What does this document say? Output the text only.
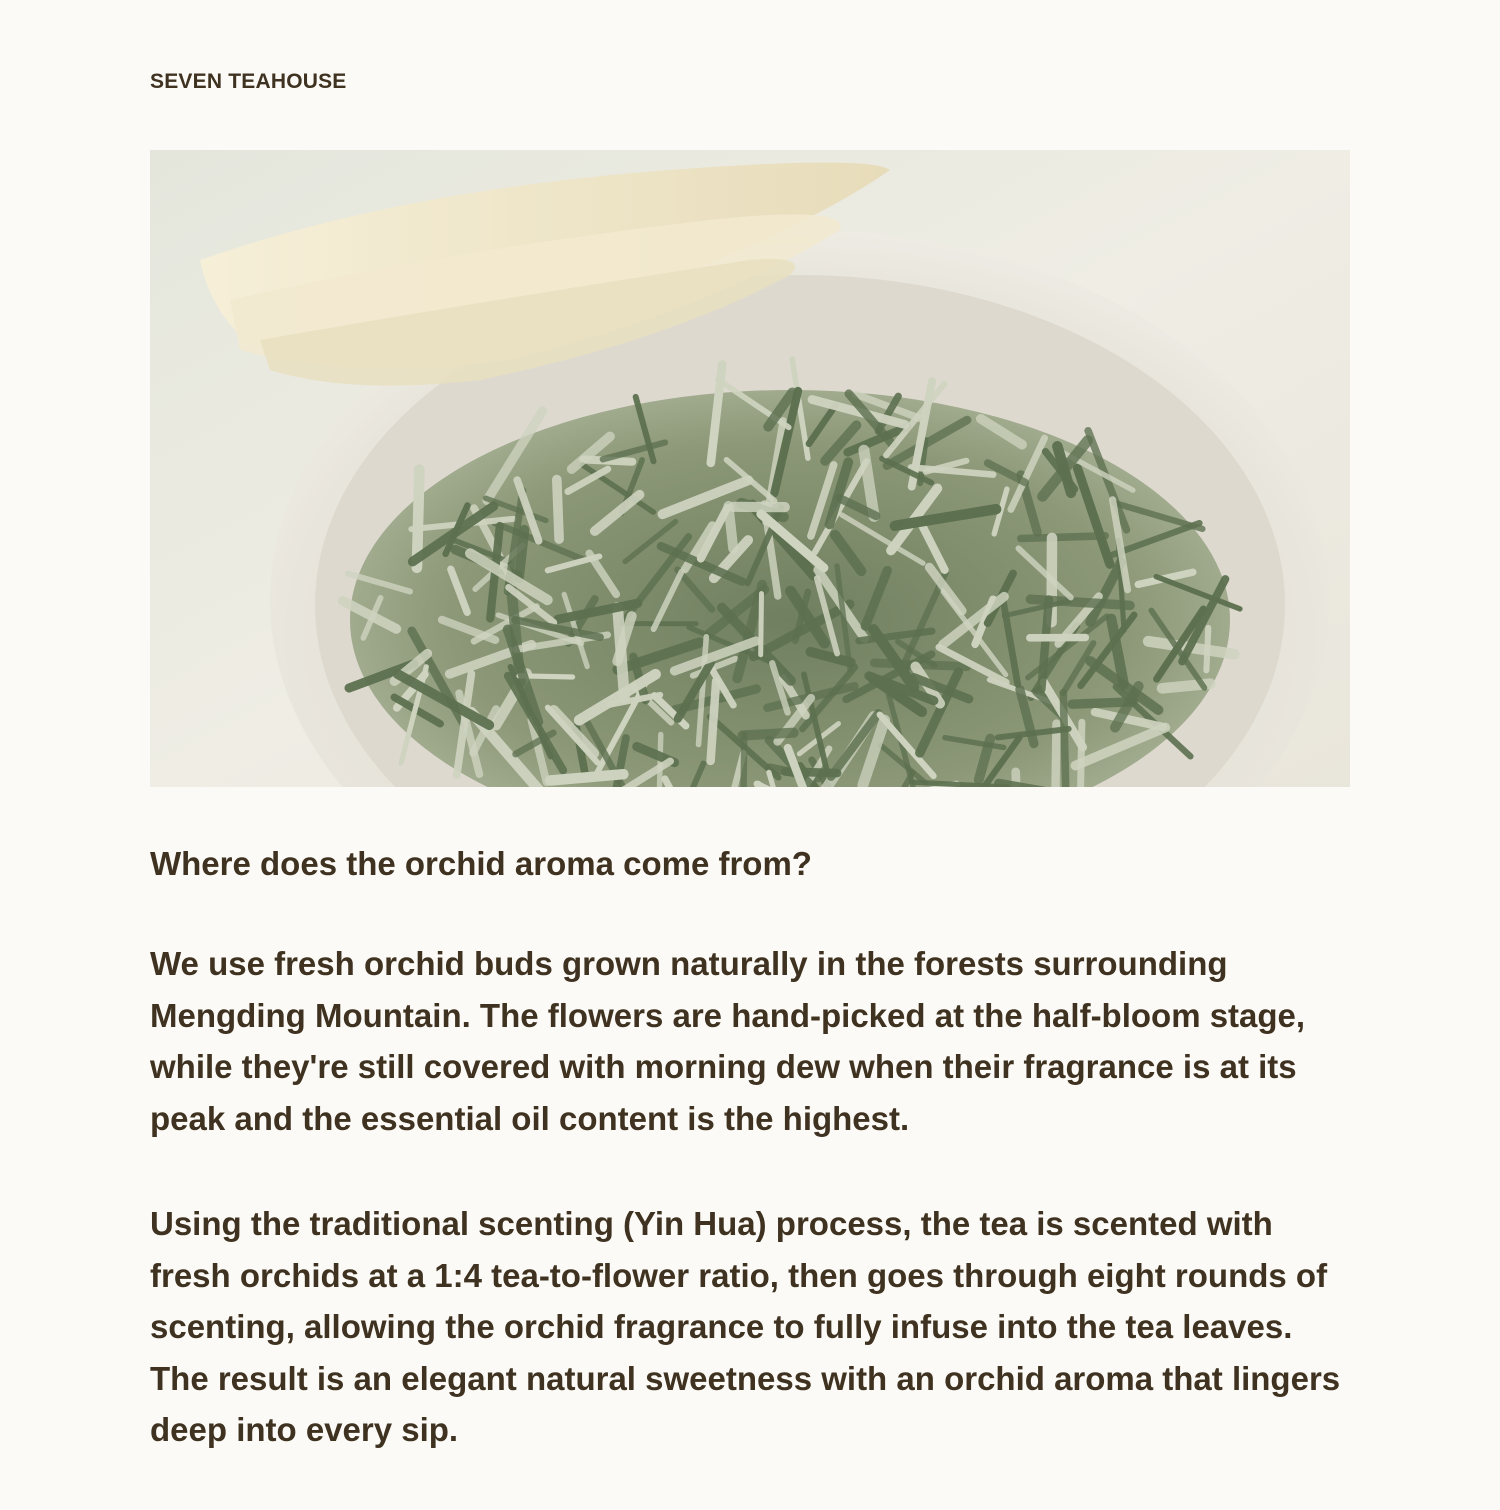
SEVEN TEAHOUSE
Where does the orchid aroma come from?

We use fresh orchid buds grown naturally in the forests surrounding Mengding Mountain. The flowers are hand-picked at the half-bloom stage, while they're still covered with morning dew when their fragrance is at its peak and the essential oil content is the highest.

Using the traditional scenting (Yin Hua) process, the tea is scented with fresh orchids at a 1:4 tea-to-flower ratio, then goes through eight rounds of scenting, allowing the orchid fragrance to fully infuse into the tea leaves. The result is an elegant natural sweetness with an orchid aroma that lingers deep into every sip.
